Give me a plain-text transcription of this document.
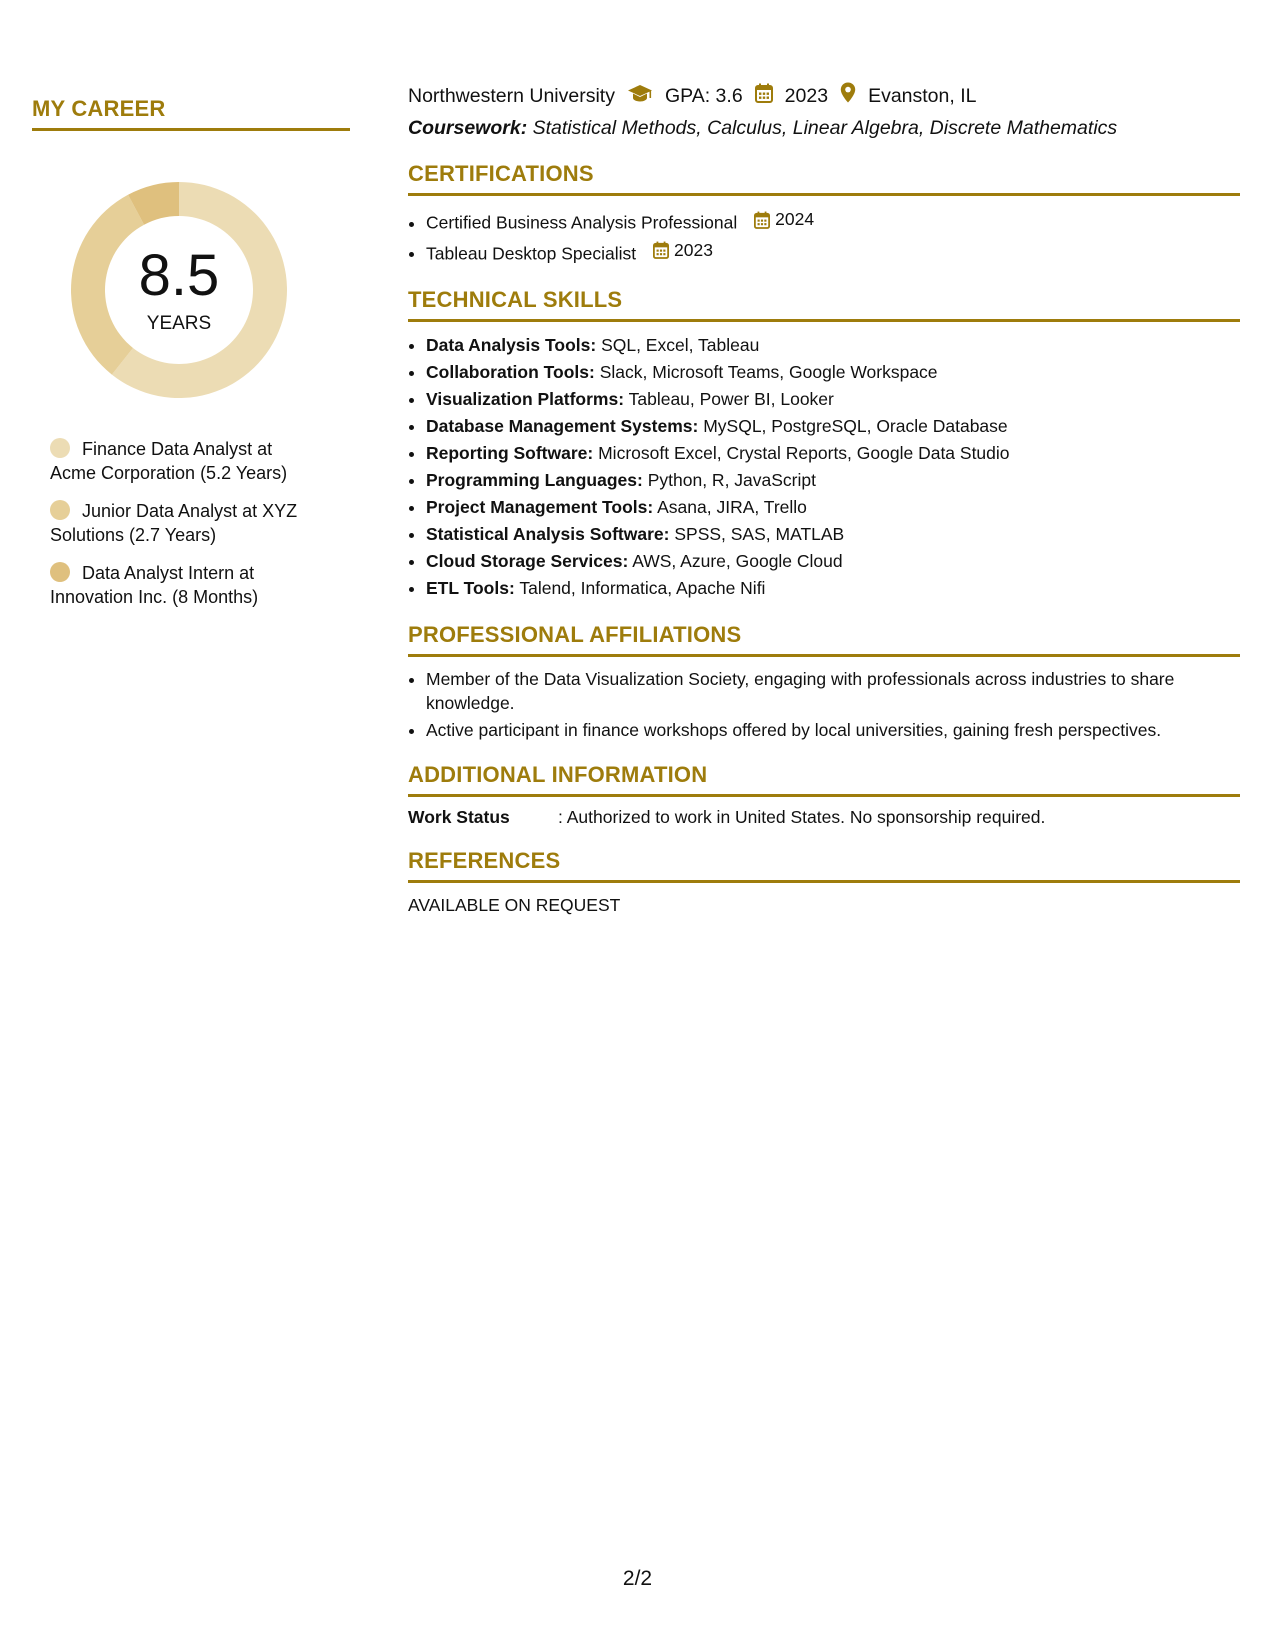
MY CAREER
8.5
YEARS
Finance Data Analyst at Acme Corporation (5.2 Years)
Junior Data Analyst at XYZ Solutions (2.7 Years)
Data Analyst Intern at Innovation Inc. (8 Months)
Northwestern University	GPA: 3.6 2023 Evanston, IL
Coursework: Statistical Methods, Calculus, Linear Algebra, Discrete Mathematics
CERTIFICATIONS
• Certified Business Analysis Professional 2024
• Tableau Desktop Specialist 2023
TECHNICAL SKILLS
• Data Analysis Tools: SQL, Excel, Tableau
• Collaboration Tools: Slack, Microsoft Teams, Google Workspace
• Visualization Platforms: Tableau, Power BI, Looker
• Database Management Systems: MySQL, PostgreSQL, Oracle Database
• Reporting Software: Microsoft Excel, Crystal Reports, Google Data Studio
• Programming Languages: Python, R, JavaScript
• Project Management Tools: Asana, JIRA, Trello
• Statistical Analysis Software: SPSS, SAS, MATLAB
• Cloud Storage Services: AWS, Azure, Google Cloud
• ETL Tools: Talend, Informatica, Apache Nifi
PROFESSIONAL AFFILIATIONS
• Member of the Data Visualization Society, engaging with professionals across industries to share knowledge.
• Active participant in finance workshops offered by local universities, gaining fresh perspectives.
ADDITIONAL INFORMATION
Work Status	: Authorized to work in United States. No sponsorship required.
REFERENCES
AVAILABLE ON REQUEST
2/2
